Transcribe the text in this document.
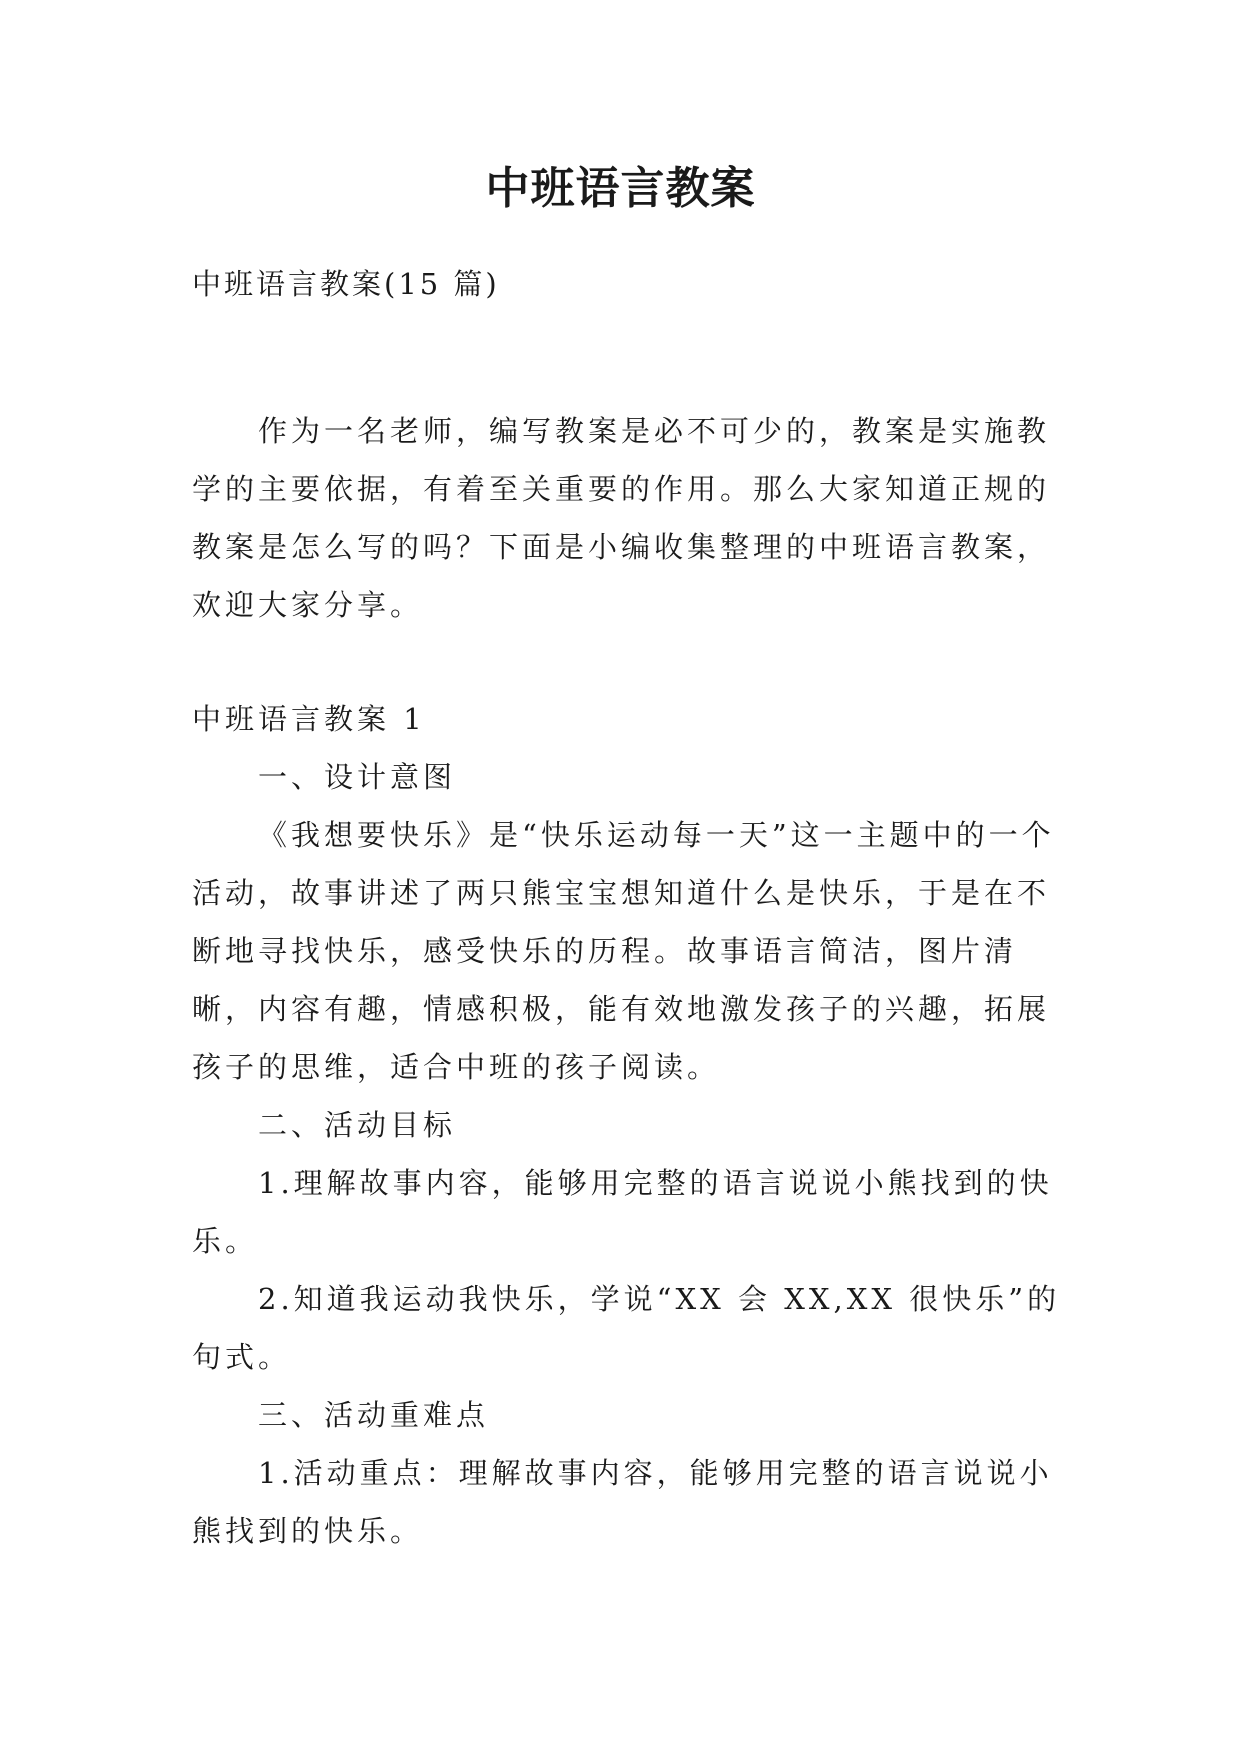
中班语言教案

中班语言教案(15 篇)

作为一名老师，编写教案是必不可少的，教案是实施教学的主要依据，有着至关重要的作用。那么大家知道正规的教案是怎么写的吗？下面是小编收集整理的中班语言教案，欢迎大家分享。

中班语言教案 1

一、设计意图

《我想要快乐》是“快乐运动每一天”这一主题中的一个活动，故事讲述了两只熊宝宝想知道什么是快乐，于是在不断地寻找快乐，感受快乐的历程。故事语言简洁，图片清晰，内容有趣，情感积极，能有效地激发孩子的兴趣，拓展孩子的思维，适合中班的孩子阅读。

二、活动目标

1.理解故事内容，能够用完整的语言说说小熊找到的快乐。

2.知道我运动我快乐，学说“XX 会 XX,XX 很快乐”的句式。

三、活动重难点

1.活动重点：理解故事内容，能够用完整的语言说说小熊找到的快乐。
